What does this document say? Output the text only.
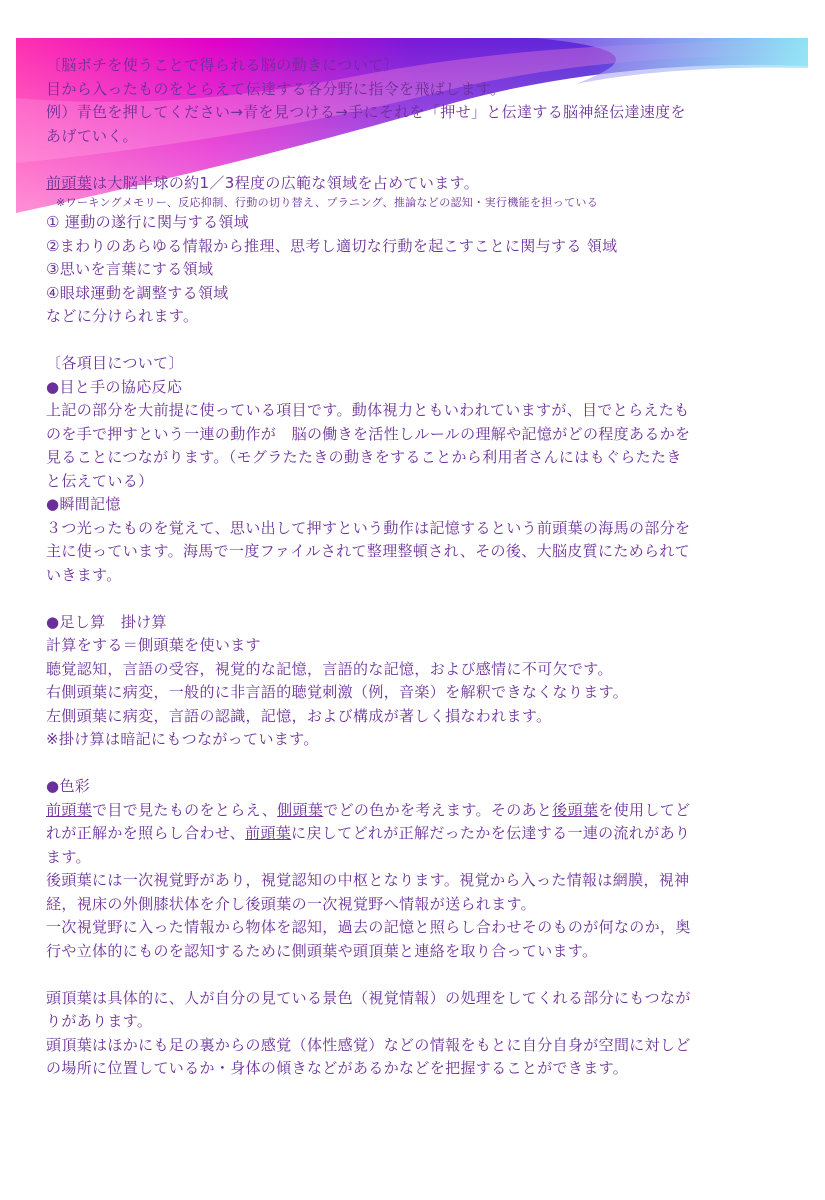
〔脳ボチを使うことで得られる脳の動きについて〕
目から入ったものをとらえて伝達する各分野に指令を飛ばします。
例）青色を押してください→青を見つける→手にそれを「押せ」と伝達する脳神経伝達速度を
あげていく。
前頭葉は大脳半球の約1／3程度の広範な領域を占めています。
※ワーキングメモリー、反応抑制、行動の切り替え、プラニング、推論などの認知・実行機能を担っている
① 運動の遂行に関与する領域
②まわりのあらゆる情報から推理、思考し適切な行動を起こすことに関与する 領域
③思いを言葉にする領域
④眼球運動を調整する領域
などに分けられます。
〔各項目について〕
●目と手の協応反応
上記の部分を大前提に使っている項目です。動体視力ともいわれていますが、目でとらえたも
のを手で押すという一連の動作が　脳の働きを活性しルールの理解や記憶がどの程度あるかを
見ることにつながります。（モグラたたきの動きをすることから利用者さんにはもぐらたたき
と伝えている）
●瞬間記憶
３つ光ったものを覚えて、思い出して押すという動作は記憶するという前頭葉の海馬の部分を
主に使っています。海馬で一度ファイルされて整理整頓され、その後、大脳皮質にためられて
いきます。
●足し算　掛け算
計算をする＝側頭葉を使います
聴覚認知，言語の受容，視覚的な記憶，言語的な記憶，および感情に不可欠です。
右側頭葉に病変，一般的に非言語的聴覚刺激（例，音楽）を解釈できなくなります。
左側頭葉に病変，言語の認識，記憶，および構成が著しく損なわれます。
※掛け算は暗記にもつながっています。
●色彩
前頭葉で目で見たものをとらえ、側頭葉でどの色かを考えます。そのあと後頭葉を使用してど
れが正解かを照らし合わせ、前頭葉に戻してどれが正解だったかを伝達する一連の流れがあり
ます。
後頭葉には一次視覚野があり，視覚認知の中枢となります。視覚から入った情報は網膜，視神
経，視床の外側膝状体を介し後頭葉の一次視覚野へ情報が送られます。
一次視覚野に入った情報から物体を認知，過去の記憶と照らし合わせそのものが何なのか，奥
行や立体的にものを認知するために側頭葉や頭頂葉と連絡を取り合っています。
頭頂葉は具体的に、人が自分の見ている景色（視覚情報）の処理をしてくれる部分にもつなが
りがあります。
頭頂葉はほかにも足の裏からの感覚（体性感覚）などの情報をもとに自分自身が空間に対しど
の場所に位置しているか・身体の傾きなどがあるかなどを把握することができます。
